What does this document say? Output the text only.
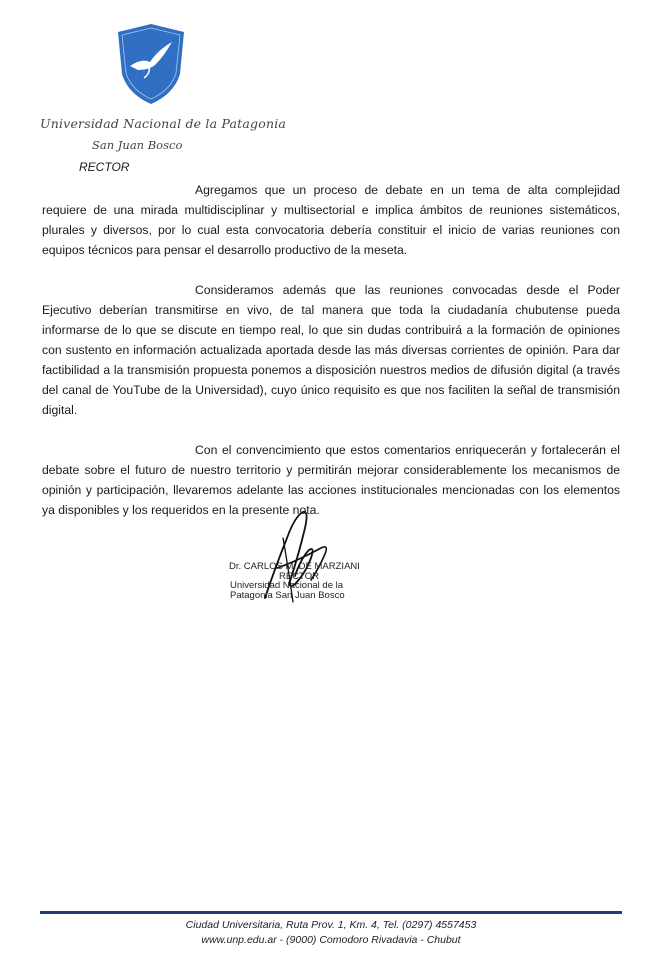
Universidad Nacional de la Patagonia
San Juan Bosco
RECTOR

Agregamos que un proceso de debate en un tema de alta complejidad requiere de una mirada multidisciplinar y multisectorial e implica ámbitos de reuniones sistemáticos, plurales y diversos, por lo cual esta convocatoria debería constituir el inicio de varias reuniones con equipos técnicos para pensar el desarrollo productivo de la meseta.

Consideramos además que las reuniones convocadas desde el Poder Ejecutivo deberían transmitirse en vivo, de tal manera que toda la ciudadanía chubutense pueda informarse de lo que se discute en tiempo real, lo que sin dudas contribuirá a la formación de opiniones con sustento en información actualizada aportada desde las más diversas corrientes de opinión. Para dar factibilidad a la transmisión propuesta ponemos a disposición nuestros medios de difusión digital (a través del canal de YouTube de la Universidad), cuyo único requisito es que nos faciliten la señal de transmisión digital.

Con el convencimiento que estos comentarios enriquecerán y fortalecerán el debate sobre el futuro de nuestro territorio y permitirán mejorar considerablemente los mecanismos de opinión y participación, llevaremos adelante las acciones institucionales mencionadas con los elementos ya disponibles y los requeridos en la presente nota.

Dr. CARLOS M. DE MARZIANI
RECTOR
Universidad Nacional de la
Patagonia San Juan Bosco
Ciudad Universitaria, Ruta Prov. 1, Km. 4, Tel. (0297) 4557453
www.unp.edu.ar - (9000) Comodoro Rivadavia - Chubut
